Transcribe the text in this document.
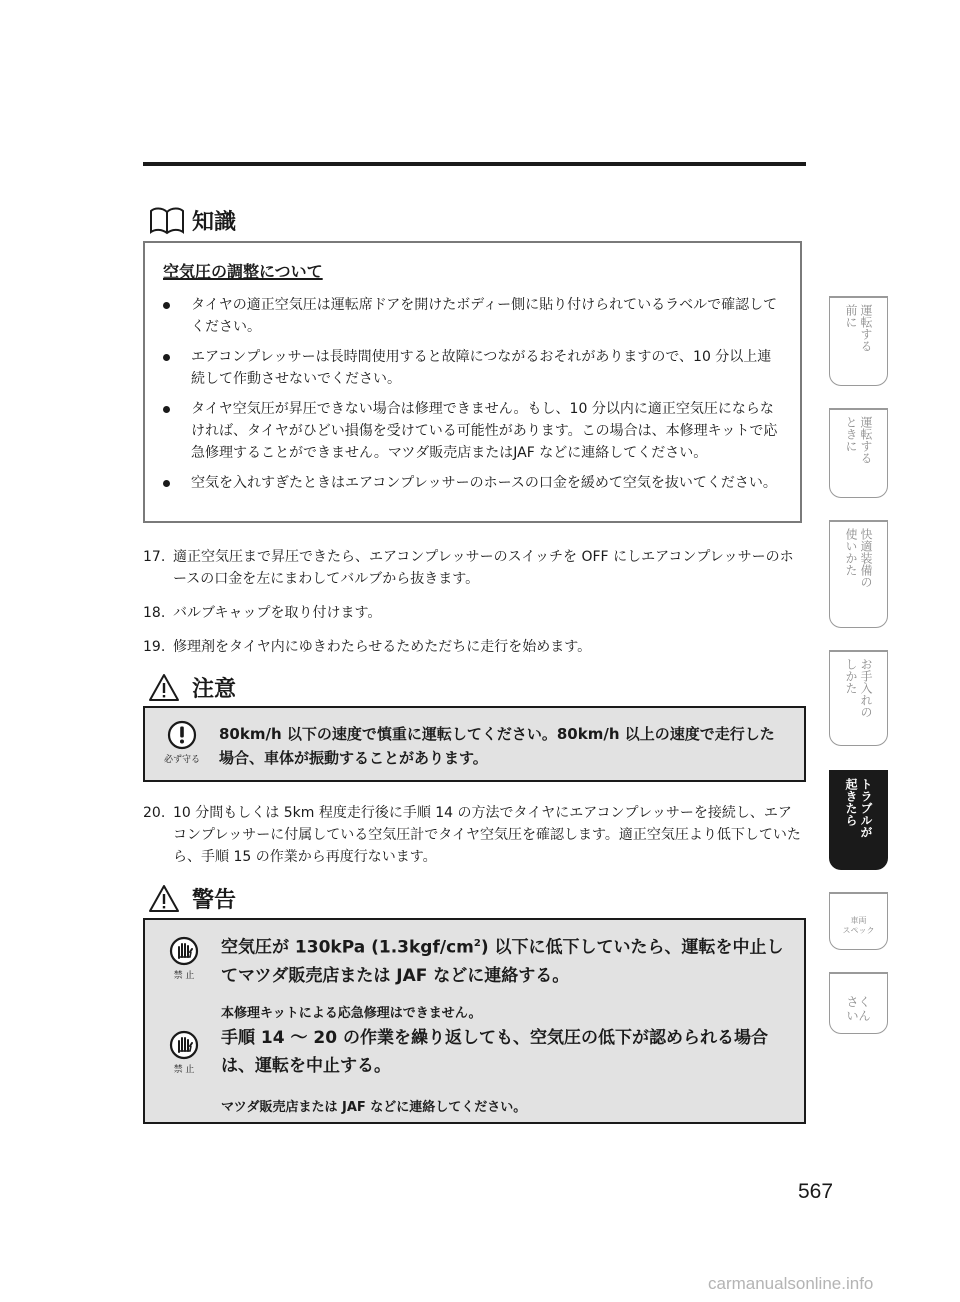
知識
空気圧の調整について
タイヤの適正空気圧は運転席ドアを開けたボディー側に貼り付けられているラベルで確認してください。
エアコンプレッサーは長時間使用すると故障につながるおそれがありますので、10 分以上連続して作動させないでください。
タイヤ空気圧が昇圧できない場合は修理できません。もし、10 分以内に適正空気圧にならなければ、タイヤがひどい損傷を受けている可能性があります。この場合は、本修理キットで応急修理することができません。マツダ販売店またはJAF などに連絡してください。
空気を入れすぎたときはエアコンプレッサーのホースの口金を緩めて空気を抜いてください。
17. 適正空気圧まで昇圧できたら、エアコンプレッサーのスイッチを OFF にしエアコンプレッサーのホースの口金を左にまわしてバルブから抜きます。
18. バルブキャップを取り付けます。
19. 修理剤をタイヤ内にゆきわたらせるためただちに走行を始めます。
注意
必ず守る
80km/h 以下の速度で慎重に運転してください。80km/h 以上の速度で走行した場合、車体が振動することがあります。
20. 10 分間もしくは 5km 程度走行後に手順 14 の方法でタイヤにエアコンプレッサーを接続し、エアコンプレッサーに付属している空気圧計でタイヤ空気圧を確認します。適正空気圧より低下していたら、手順 15 の作業から再度行ないます。
警告
禁 止
空気圧が 130kPa $(1.3kgf/cm^2)$ 以下に低下していたら、運転を中止してマツダ販売店または JAF などに連絡する。
本修理キットによる応急修理はできません。
禁 止
手順 14 〜 20 の作業を繰り返しても、空気圧の低下が認められる場合は、運転を中止する。
マツダ販売店または JAF などに連絡してください。
運転する
前に
運転する
ときに
快適装備の
使いかた
お手入れの
しかた
トラブルが
起きたら
車両
スペック
さく
いん
567
carmanualsonline.info
